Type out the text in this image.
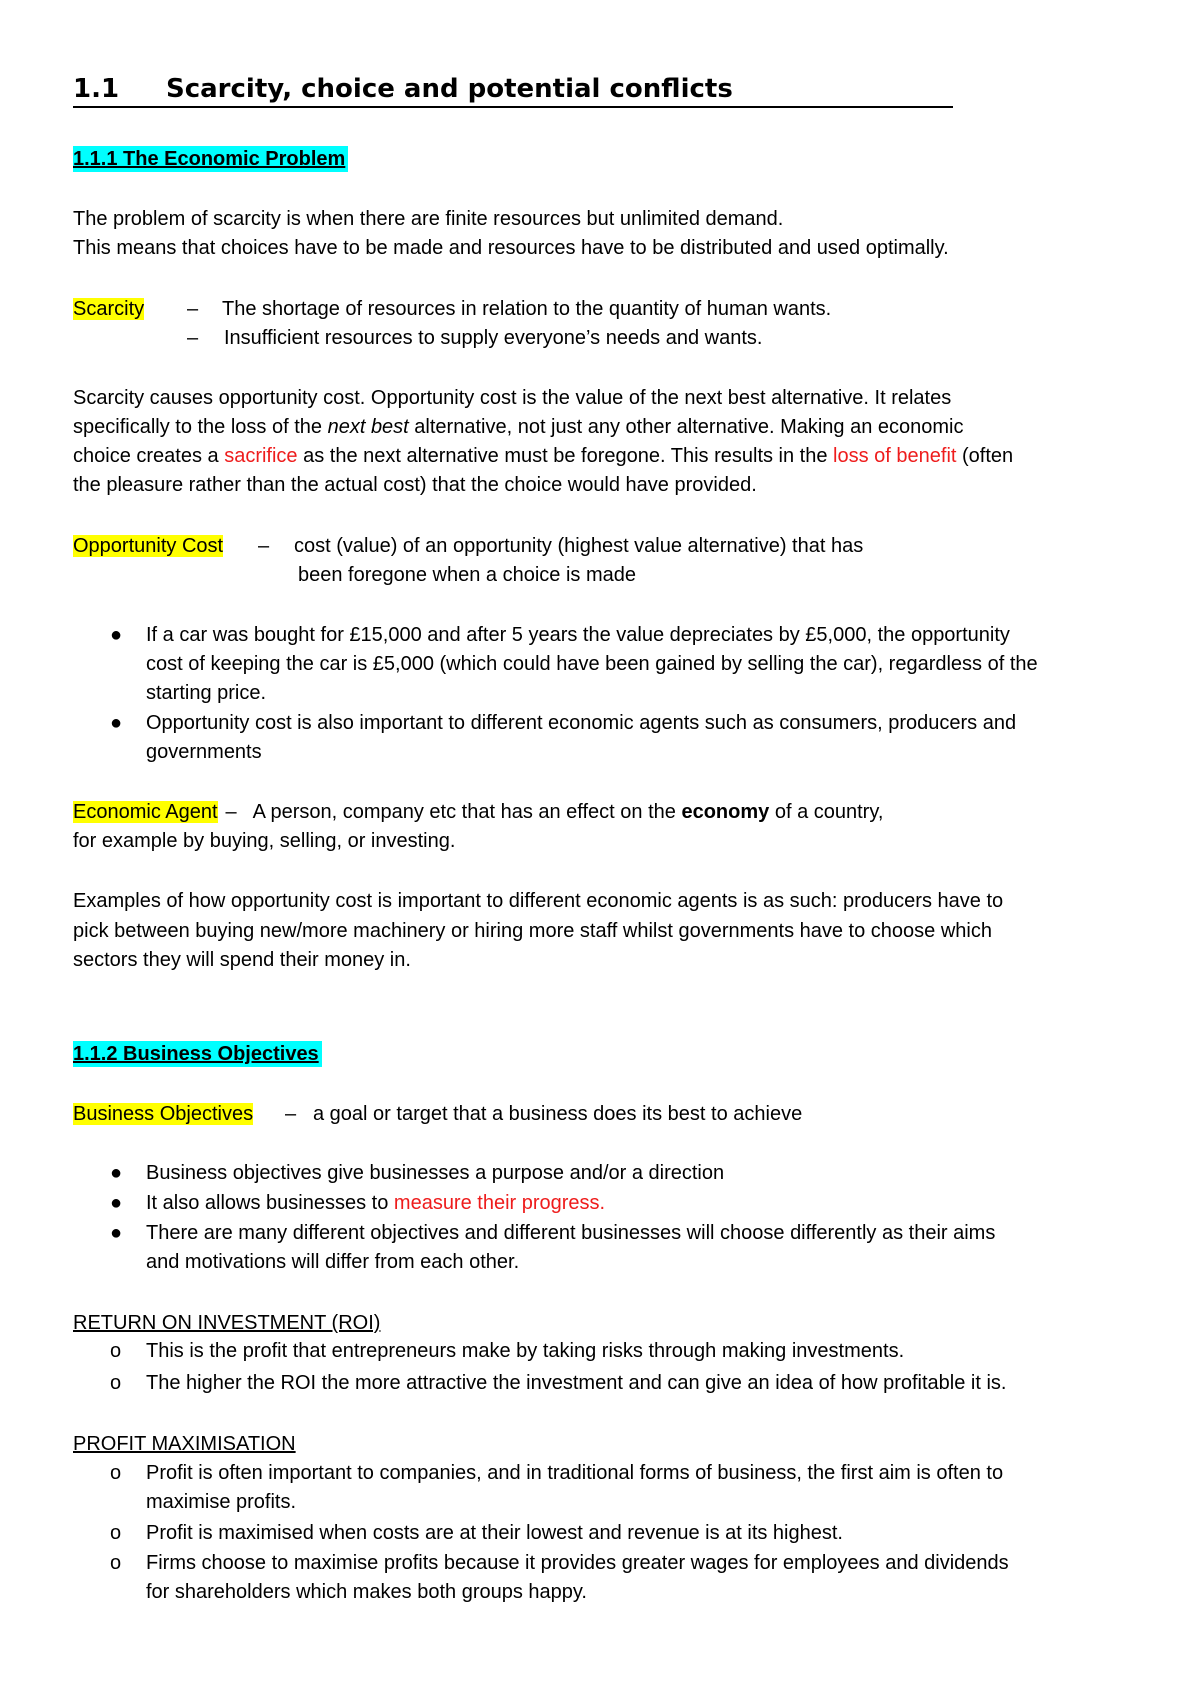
1.1 Scarcity, choice and potential conflicts
1.1.1 The Economic Problem
The problem of scarcity is when there are finite resources but unlimited demand.
This means that choices have to be made and resources have to be distributed and used optimally.
Scarcity – The shortage of resources in relation to the quantity of human wants.
– Insufficient resources to supply everyone’s needs and wants.
Scarcity causes opportunity cost. Opportunity cost is the value of the next best alternative. It relates
specifically to the loss of the next best alternative, not just any other alternative. Making an economic
choice creates a sacrifice as the next alternative must be foregone. This results in the loss of benefit (often
the pleasure rather than the actual cost) that the choice would have provided.
Opportunity Cost – cost (value) of an opportunity (highest value alternative) that has
been foregone when a choice is made
● If a car was bought for £15,000 and after 5 years the value depreciates by £5,000, the opportunity
cost of keeping the car is £5,000 (which could have been gained by selling the car), regardless of the
starting price.
● Opportunity cost is also important to different economic agents such as consumers, producers and
governments
Economic Agent – A person, company etc that has an effect on the economy of a country,
for example by buying, selling, or investing.
Examples of how opportunity cost is important to different economic agents is as such: producers have to
pick between buying new/more machinery or hiring more staff whilst governments have to choose which
sectors they will spend their money in.
1.1.2 Business Objectives
Business Objectives – a goal or target that a business does its best to achieve
● Business objectives give businesses a purpose and/or a direction
● It also allows businesses to measure their progress.
● There are many different objectives and different businesses will choose differently as their aims
and motivations will differ from each other.
RETURN ON INVESTMENT (ROI)
o This is the profit that entrepreneurs make by taking risks through making investments.
o The higher the ROI the more attractive the investment and can give an idea of how profitable it is.
PROFIT MAXIMISATION
o Profit is often important to companies, and in traditional forms of business, the first aim is often to
maximise profits.
o Profit is maximised when costs are at their lowest and revenue is at its highest.
o Firms choose to maximise profits because it provides greater wages for employees and dividends
for shareholders which makes both groups happy.
